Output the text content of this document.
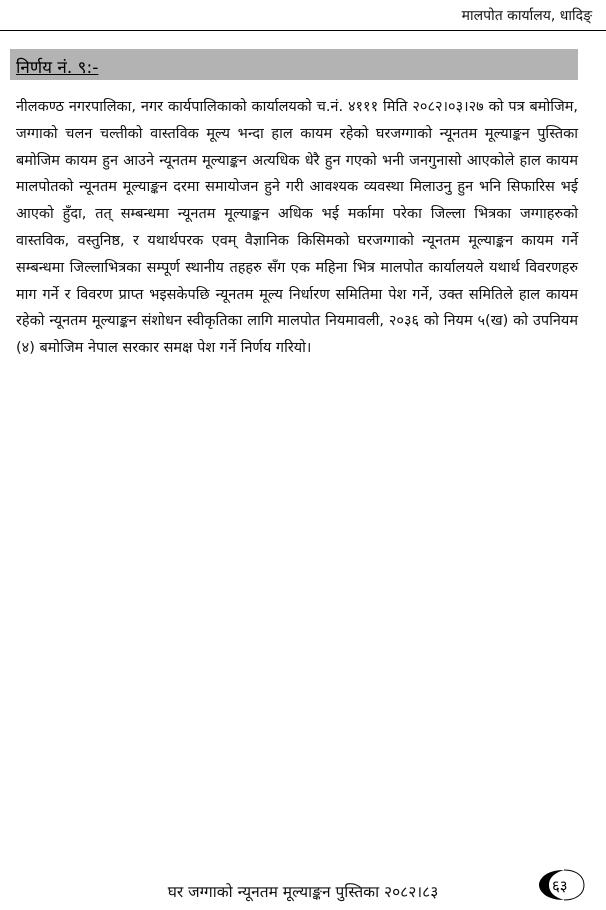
मालपोत कार्यालय, धादिङ्
निर्णय नं. ९:-

नीलकण्ठ नगरपालिका, नगर कार्यपालिकाको कार्यालयको च.नं. ४१११ मिति २०८२।०३।२७ को पत्र बमोजिम, जग्गाको चलन चल्तीको वास्तविक मूल्य भन्दा हाल कायम रहेको घरजग्गाको न्यूनतम मूल्याङ्कन पुस्तिका बमोजिम कायम हुन आउने न्यूनतम मूल्याङ्कन अत्यधिक धेरै हुन गएको भनी जनगुनासो आएकोले हाल कायम मालपोतको न्यूनतम मूल्याङ्कन दरमा समायोजन हुने गरी आवश्यक व्यवस्था मिलाउनु हुन भनि सिफारिस भई आएको हुँदा, तत् सम्बन्धमा न्यूनतम मूल्याङ्कन अधिक भई मर्कामा परेका जिल्ला भित्रका जग्गाहरुको वास्तविक, वस्तुनिष्ठ, र यथार्थपरक एवम् वैज्ञानिक किसिमको घरजग्गाको न्यूनतम मूल्याङ्कन कायम गर्ने सम्बन्धमा जिल्लाभित्रका सम्पूर्ण स्थानीय तहहरु सँग एक महिना भित्र मालपोत कार्यालयले यथार्थ विवरणहरु माग गर्ने र विवरण प्राप्त भइसकेपछि न्यूनतम मूल्य निर्धारण समितिमा पेश गर्ने, उक्त समितिले हाल कायम रहेको न्यूनतम मूल्याङ्कन संशोधन स्वीकृतिका लागि मालपोत नियमावली, २०३६ को नियम ५(ख) को उपनियम (४) बमोजिम नेपाल सरकार समक्ष पेश गर्ने निर्णय गरियो।

घर जग्गाको न्यूनतम मूल्याङ्कन पुस्तिका २०८२।८३	६३
